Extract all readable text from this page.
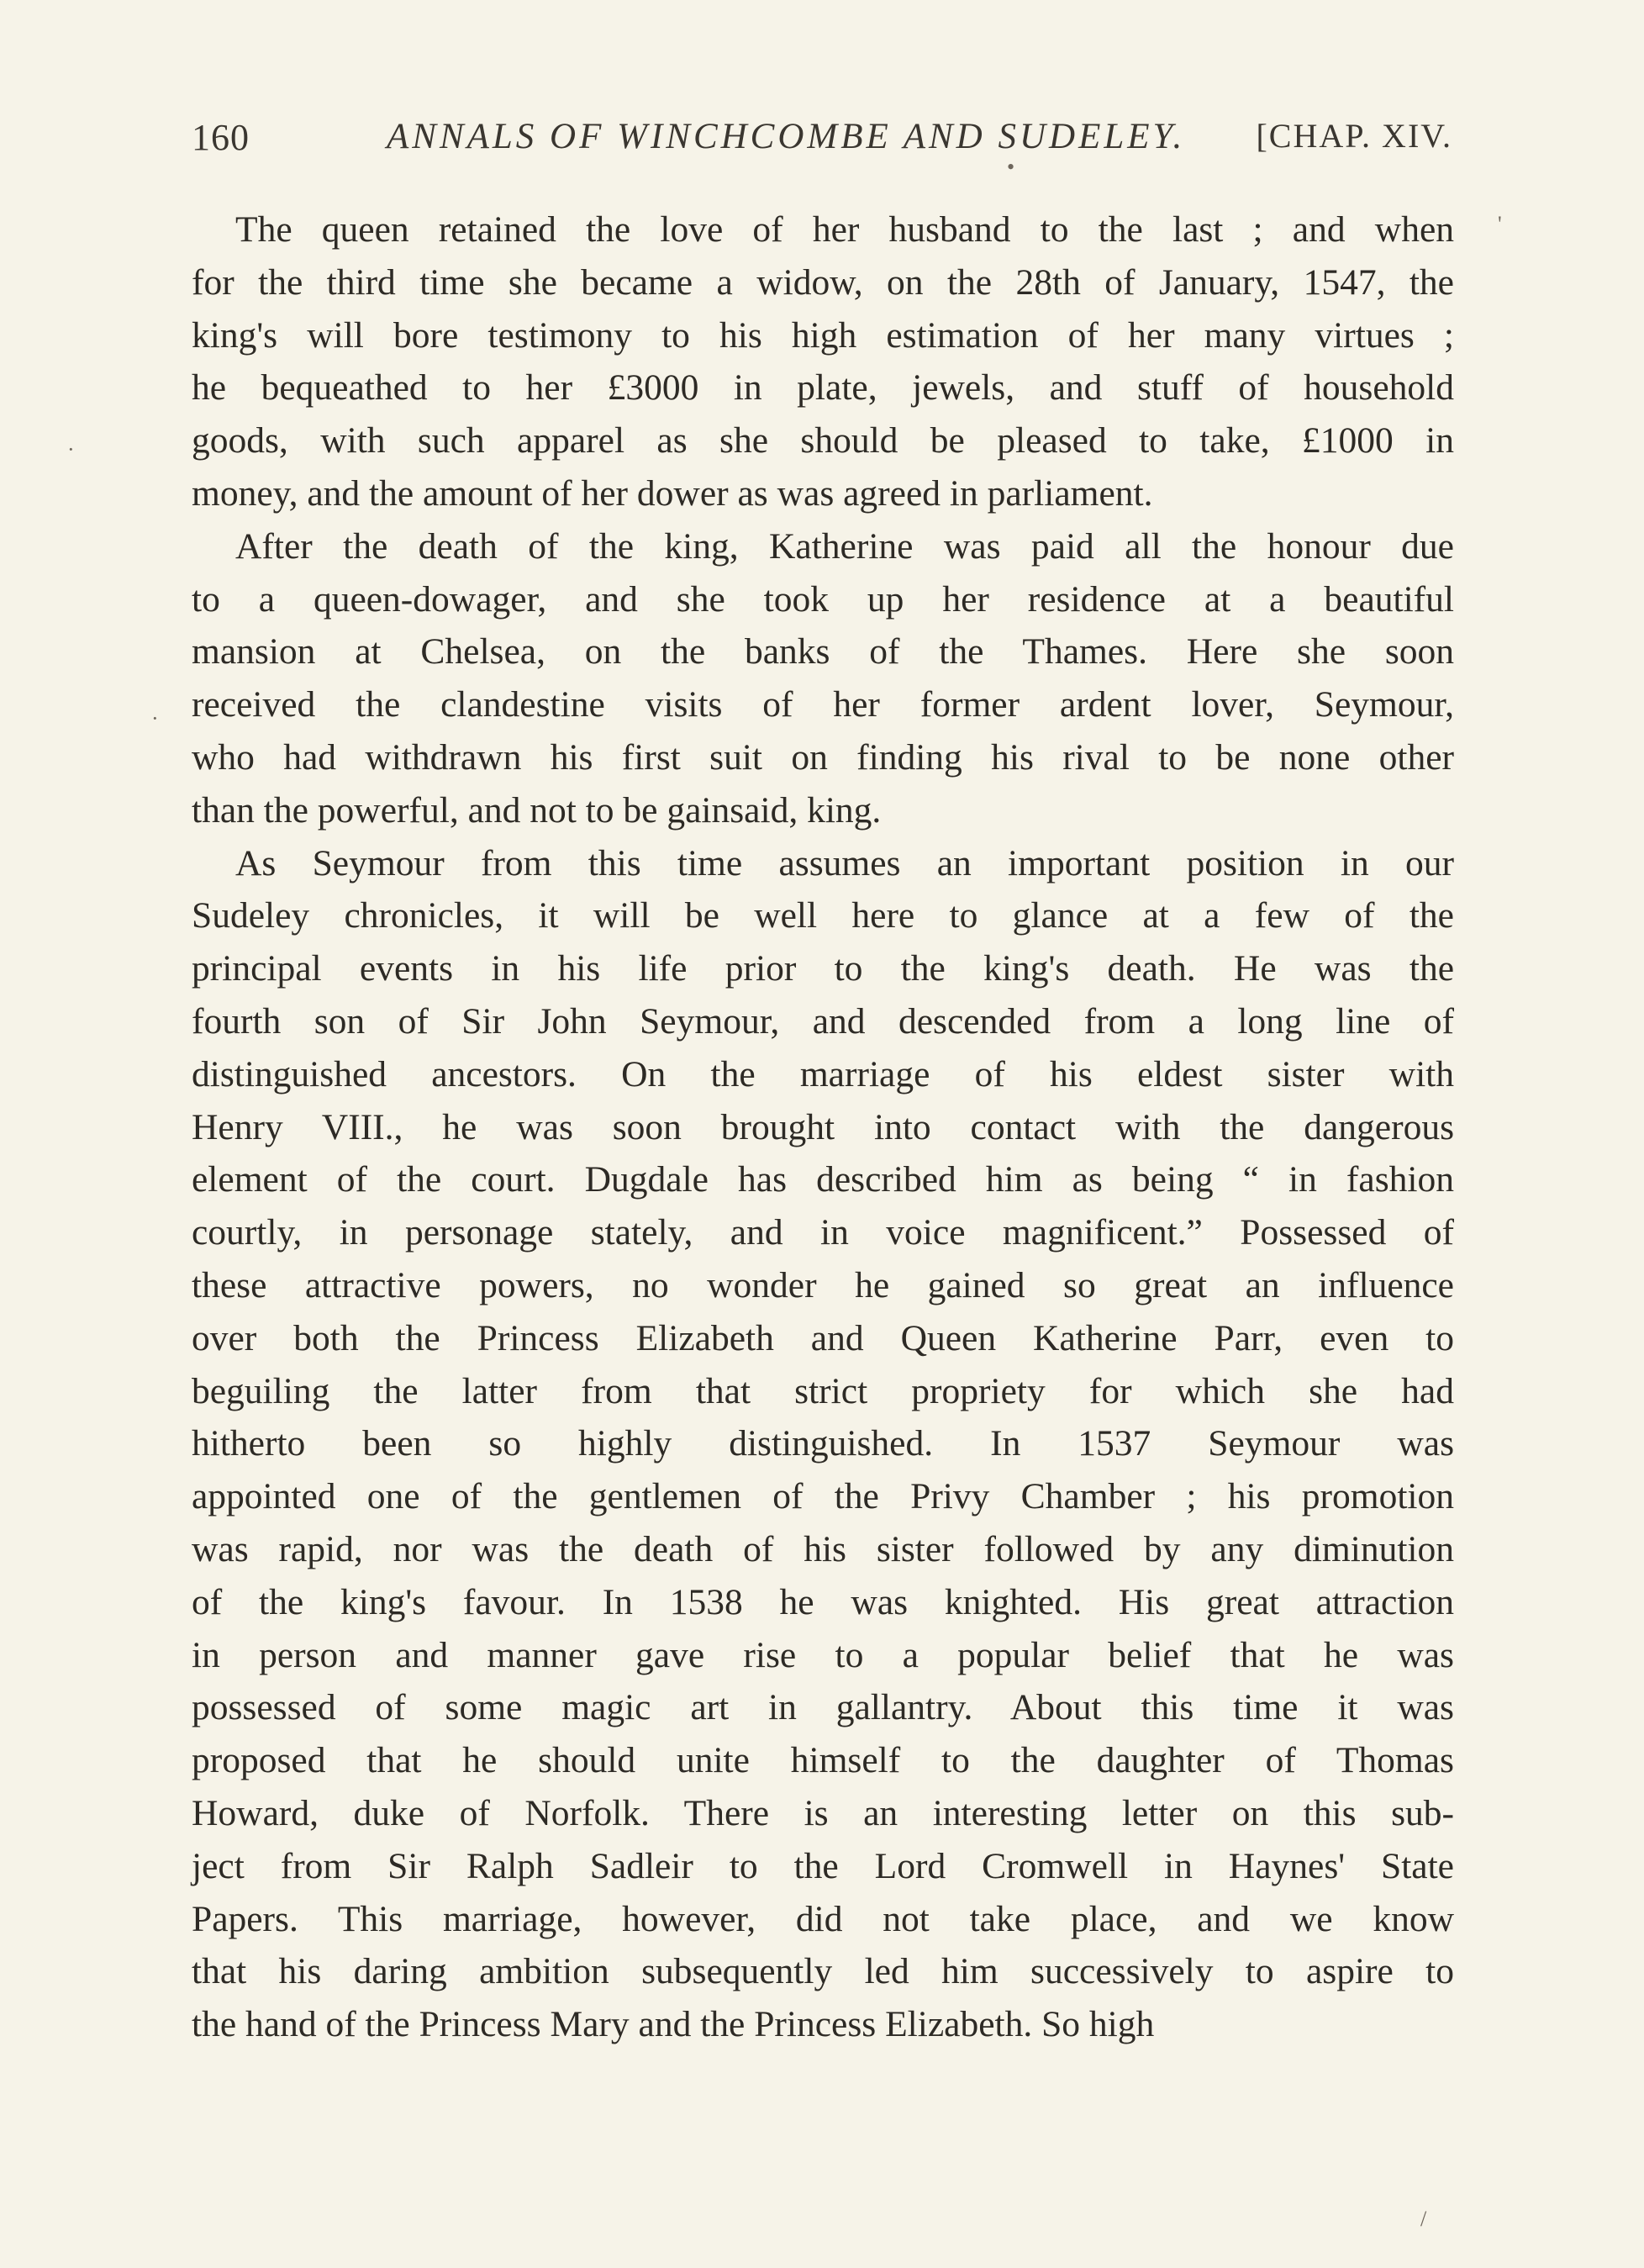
160	ANNALS OF WINCHCOMBE AND SUDELEY. [CHAP. XIV.
•
'
·
·
/
The queen retained the love of her husband to the last ; and when
for the third time she became a widow, on the 28th of January, 1547, the
king's will bore testimony to his high estimation of her many virtues ;
he bequeathed to her £3000 in plate, jewels, and stuff of household
goods, with such apparel as she should be pleased to take, £1000 in
money, and the amount of her dower as was agreed in parliament.
After the death of the king, Katherine was paid all the honour due
to a queen-dowager, and she took up her residence at a beautiful
mansion at Chelsea, on the banks of the Thames. Here she soon
received the clandestine visits of her former ardent lover, Seymour,
who had withdrawn his first suit on finding his rival to be none other
than the powerful, and not to be gainsaid, king.
As Seymour from this time assumes an important position in our
Sudeley chronicles, it will be well here to glance at a few of the
principal events in his life prior to the king's death. He was the
fourth son of Sir John Seymour, and descended from a long line of
distinguished ancestors. On the marriage of his eldest sister with
Henry VIII., he was soon brought into contact with the dangerous
element of the court. Dugdale has described him as being “ in fashion
courtly, in personage stately, and in voice magnificent.” Possessed of
these attractive powers, no wonder he gained so great an influence
over both the Princess Elizabeth and Queen Katherine Parr, even to
beguiling the latter from that strict propriety for which she had
hitherto been so highly distinguished. In 1537 Seymour was
appointed one of the gentlemen of the Privy Chamber ; his promotion
was rapid, nor was the death of his sister followed by any diminution
of the king's favour. In 1538 he was knighted. His great attraction
in person and manner gave rise to a popular belief that he was
possessed of some magic art in gallantry. About this time it was
proposed that he should unite himself to the daughter of Thomas
Howard, duke of Norfolk. There is an interesting letter on this sub-
ject from Sir Ralph Sadleir to the Lord Cromwell in Haynes' State
Papers. This marriage, however, did not take place, and we know
that his daring ambition subsequently led him successively to aspire to
the hand of the Princess Mary and the Princess Elizabeth. So high
